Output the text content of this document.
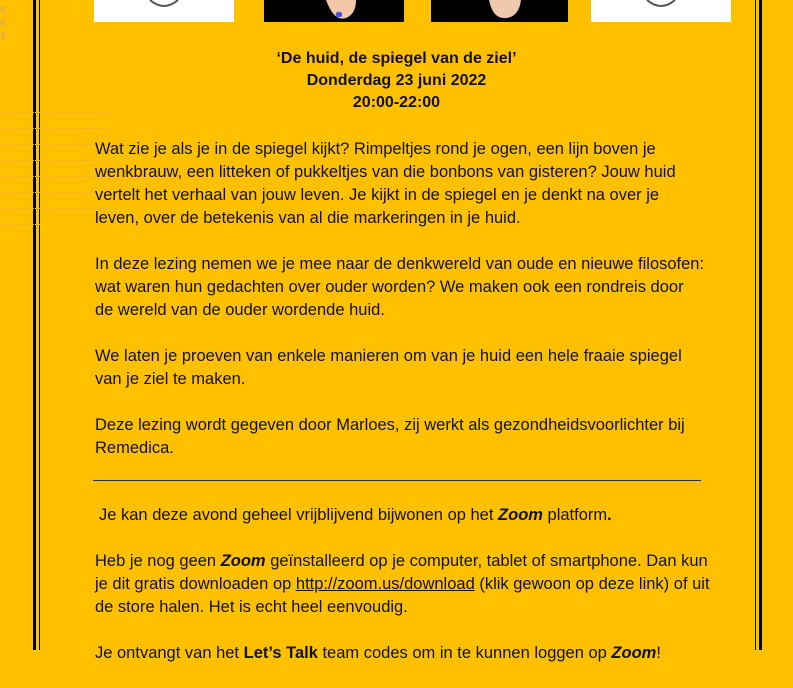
‘De huid, de spiegel van de ziel’
Donderdag 23 juni 2022
20:00-22:00

Wat zie je als je in de spiegel kijkt? Rimpeltjes rond je ogen, een lijn boven je wenkbrauw, een litteken of pukkeltjes van die bonbons van gisteren? Jouw huid vertelt het verhaal van jouw leven. Je kijkt in de spiegel en je denkt na over je leven, over de betekenis van al die markeringen in je huid.

In deze lezing nemen we je mee naar de denkwereld van oude en nieuwe filosofen: wat waren hun gedachten over ouder worden? We maken ook een rondreis door de wereld van de ouder wordende huid.

We laten je proeven van enkele manieren om van je huid een hele fraaie spiegel van je ziel te maken.

Deze lezing wordt gegeven door Marloes, zij werkt als gezondheidsvoorlichter bij Remedica.

Je kan deze avond geheel vrijblijvend bijwonen op het Zoom platform.

Heb je nog geen Zoom geïnstalleerd op je computer, tablet of smartphone. Dan kun je dit gratis downloaden op http://zoom.us/download (klik gewoon op deze link) of uit de store halen. Het is echt heel eenvoudig.

Je ontvangt van het Let’s Talk team codes om in te kunnen loggen op Zoom!
